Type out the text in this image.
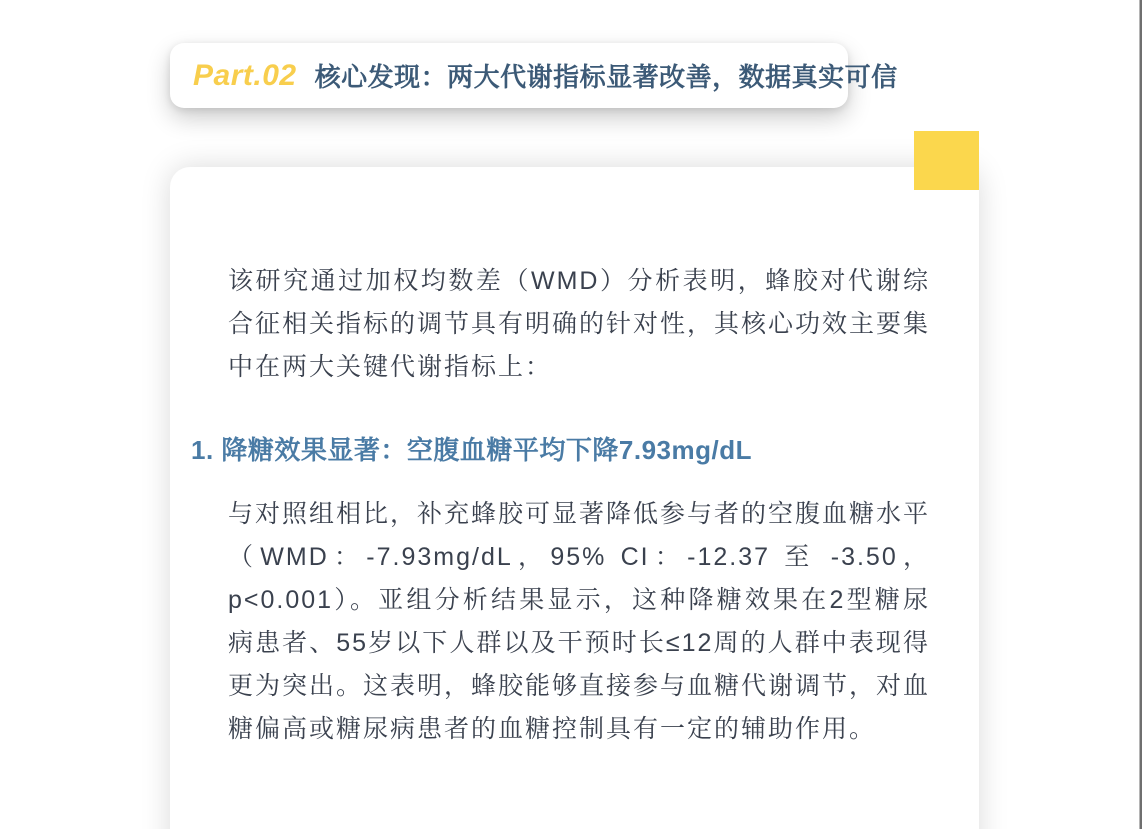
Part.02 核心发现：两大代谢指标显著改善，数据真实可信

该研究通过加权均数差（WMD）分析表明，蜂胶对代谢综合征相关指标的调节具有明确的针对性，其核心功效主要集中在两大关键代谢指标上：

1. 降糖效果显著：空腹血糖平均下降7.93mg/dL

与对照组相比，补充蜂胶可显著降低参与者的空腹血糖水平（WMD：-7.93mg/dL，95% CI：-12.37 至 -3.50，p<0.001）。亚组分析结果显示，这种降糖效果在2型糖尿病患者、55岁以下人群以及干预时长≤12周的人群中表现得更为突出。这表明，蜂胶能够直接参与血糖代谢调节，对血糖偏高或糖尿病患者的血糖控制具有一定的辅助作用。
